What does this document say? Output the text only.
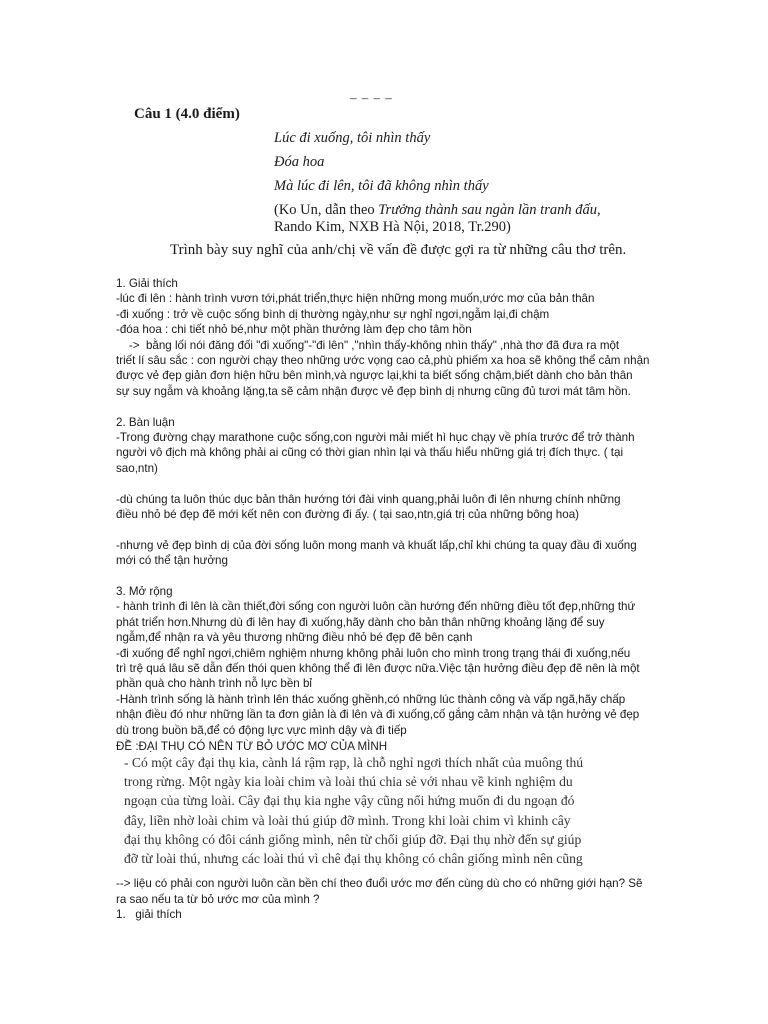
– – – –
Câu 1 (4.0 điểm)
Lúc đi xuống, tôi nhìn thấy
Đóa hoa
Mà lúc đi lên, tôi đã không nhìn thấy
(Ko Un, dẫn theo Trưởng thành sau ngàn lần tranh đấu,
Rando Kim, NXB Hà Nội, 2018, Tr.290)
Trình bày suy nghĩ của anh/chị về vấn đề được gợi ra từ những câu thơ trên.
1. Giải thích
-lúc đi lên : hành trình vươn tới,phát triển,thực hiện những mong muốn,ước mơ của bản thân
-đi xuống : trở về cuộc sống bình dị thường ngày,như sự nghỉ ngơi,ngẫm lại,đi chậm
-đóa hoa : chi tiết nhỏ bé,như một phần thưởng làm đẹp cho tâm hồn
->  bằng lối nói đăng đối "đi xuống"-"đi lên" ,"nhìn thấy-không nhìn thấy" ,nhà thơ đã đưa ra một
triết lí sâu sắc : con người chạy theo những ước vọng cao cả,phù phiếm xa hoa sẽ không thể cảm nhận
được vẻ đẹp giản đơn hiện hữu bên mình,và ngược lại,khi ta biết sống chậm,biết dành cho bản thân
sự suy ngẫm và khoảng lặng,ta sẽ cảm nhận được vẻ đẹp bình dị nhưng cũng đủ tươi mát tâm hồn.
2. Bàn luận
-Trong đường chạy marathone cuộc sống,con người mải miết hì hục chạy về phía trước để trở thành
người vô địch mà không phải ai cũng có thời gian nhìn lại và thấu hiểu những giá trị đích thực. ( tại
sao,ntn)
-dù chúng ta luôn thúc dục bản thân hướng tới đài vinh quang,phải luôn đi lên nhưng chính những
điều nhỏ bé đẹp đẽ mới kết nên con đường đi ấy. ( tại sao,ntn,giá trị của những bông hoa)
-nhưng vẻ đẹp bình dị của đời sống luôn mong manh và khuất lấp,chỉ khi chúng ta quay đầu đi xuống
mới có thể tận hưởng
3. Mở rộng
- hành trình đi lên là cần thiết,đời sống con người luôn cần hướng đến những điều tốt đẹp,những thứ
phát triển hơn.Nhưng dù đi lên hay đi xuống,hãy dành cho bản thân những khoảng lặng để suy
ngẫm,để nhận ra và yêu thương những điều nhỏ bé đẹp đẽ bên cạnh
-đi xuống để nghỉ ngơi,chiêm nghiệm nhưng không phải luôn cho mình trong trạng thái đi xuống,nếu
trì trệ quá lâu sẽ dẫn đến thói quen không thể đi lên được nữa.Việc tận hưởng điều đẹp đẽ nên là một
phần quà cho hành trình nỗ lực bền bỉ
-Hành trình sống là hành trình lên thác xuống ghềnh,có những lúc thành công và vấp ngã,hãy chấp
nhận điều đó như những lần ta đơn giản là đi lên và đi xuống,cố gắng cảm nhận và tận hưởng vẻ đẹp
dù trong buồn bã,để có động lực vực mình dậy và đi tiếp
ĐỀ :ĐẠI THỤ CÓ NÊN TỪ BỎ ƯỚC MƠ CỦA MÌNH
- Có một cây đại thụ kia, cành lá rậm rạp, là chỗ nghỉ ngơi thích nhất của muông thú
trong rừng. Một ngày kia loài chim và loài thú chia sẻ với nhau về kinh nghiệm du
ngoạn của từng loài. Cây đại thụ kia nghe vậy cũng nổi hứng muốn đi du ngoạn đó
đây, liền nhờ loài chim và loài thú giúp đỡ mình. Trong khi loài chim vì khinh cây
đại thụ không có đôi cánh giống mình, nên từ chối giúp đỡ. Đại thụ nhờ đến sự giúp
đỡ từ loài thú, nhưng các loài thú vì chê đại thụ không có chân giống mình nên cũng
--> liệu có phải con người luôn cần bền chí theo đuổi ước mơ đến cùng dù cho có những giới hạn? Sẽ
ra sao nếu ta từ bỏ ước mơ của mình ?
1.   giải thích
